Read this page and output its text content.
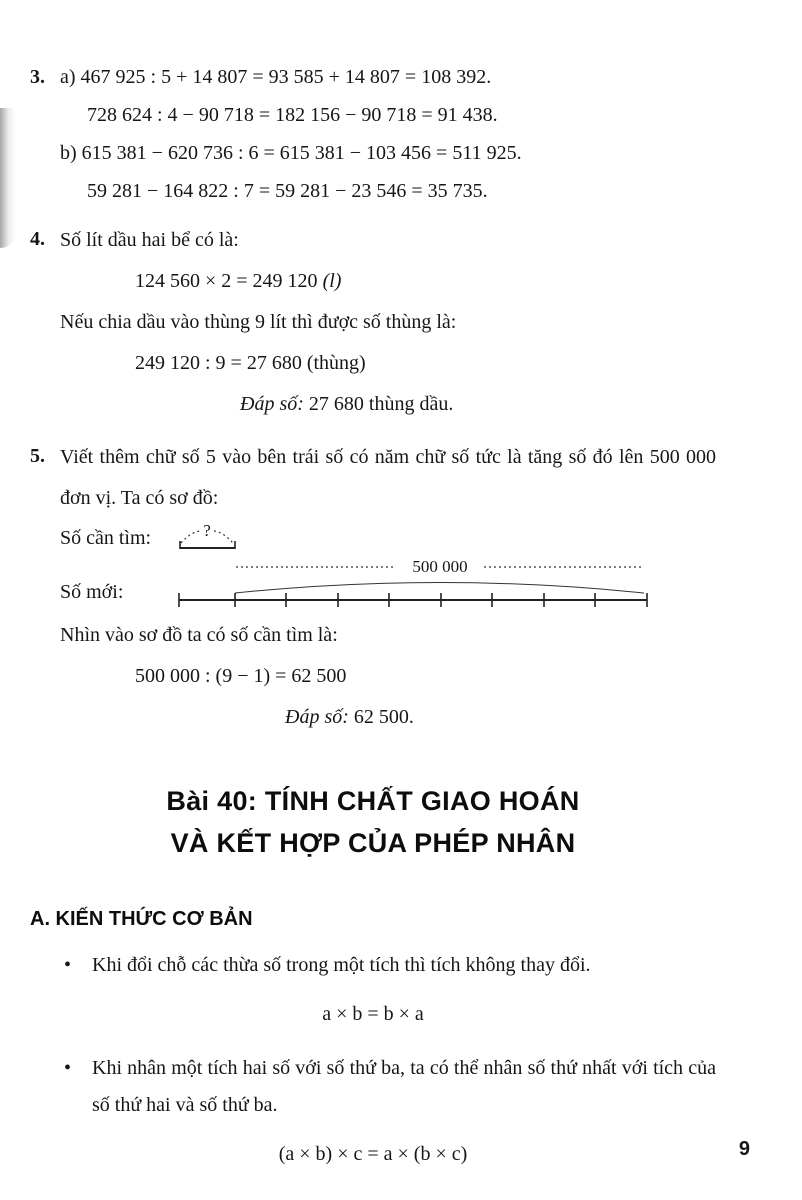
3. a) 467 925 : 5 + 14 807 = 93 585 + 14 807 = 108 392.
728 624 : 4 − 90 718 = 182 156 − 90 718 = 91 438.
b) 615 381 − 620 736 : 6 = 615 381 − 103 456 = 511 925.
59 281 − 164 822 : 7 = 59 281 − 23 546 = 35 735.
4. Số lít dầu hai bể có là:
124 560 × 2 = 249 120 (l)
Nếu chia dầu vào thùng 9 lít thì được số thùng là:
249 120 : 9 = 27 680 (thùng)
Đáp số: 27 680 thùng dầu.
5. Viết thêm chữ số 5 vào bên trái số có năm chữ số tức là tăng số đó lên 500 000 đơn vị. Ta có sơ đồ:
Số cần tìm:	?
Số mới:
500 000
Nhìn vào sơ đồ ta có số cần tìm là:
500 000 : (9 − 1) = 62 500
Đáp số: 62 500.
Bài 40: TÍNH CHẤT GIAO HOÁN
VÀ KẾT HỢP CỦA PHÉP NHÂN
A. KIẾN THỨC CƠ BẢN
•	Khi đổi chỗ các thừa số trong một tích thì tích không thay đổi.
a × b = b × a
•	Khi nhân một tích hai số với số thứ ba, ta có thể nhân số thứ nhất với tích của số thứ hai và số thứ ba.
(a × b) × c = a × (b × c)	9
